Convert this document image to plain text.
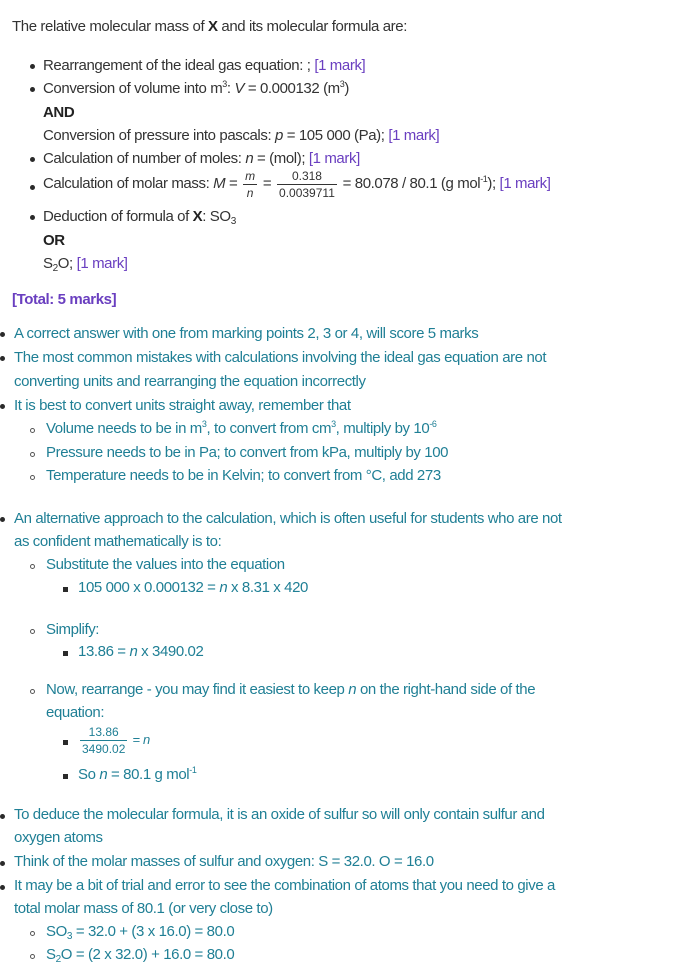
The relative molecular mass of X and its molecular formula are:
Rearrangement of the ideal gas equation: ; [1 mark]
Conversion of volume into $m^3$: V = 0.000132 $(m^3)$
AND
Conversion of pressure into pascals: p = 105 000 (Pa); [1 mark]
Calculation of number of moles: n = (mol); [1 mark]
Calculation of molar mass: $M = \frac{m}{n} = \frac{0.318}{0.0039711} = 80.078 / 80.1$ (g mol$^{-1}$); [1 mark]
Deduction of formula of X: $SO_3$
OR
$S_2O$; [1 mark]
[Total: 5 marks]
A correct answer with one from marking points 2, 3 or 4, will score 5 marks
The most common mistakes with calculations involving the ideal gas equation are not
converting units and rearranging the equation incorrectly
It is best to convert units straight away, remember that
Volume needs to be in $m^3$, to convert from $cm^3$, multiply by $10^{-6}$
Pressure needs to be in Pa; to convert from kPa, multiply by 100
Temperature needs to be in Kelvin; to convert from °C, add 273
An alternative approach to the calculation, which is often useful for students who are not
as confident mathematically is to:
Substitute the values into the equation
105 000 x 0.000132 = n x 8.31 x 420
Simplify:
13.86 = n x 3490.02
Now, rearrange - you may find it easiest to keep n on the right-hand side of the
equation:
$\frac{13.86}{3490.02} = n$
So n = 80.1 g mol$^{-1}$
To deduce the molecular formula, it is an oxide of sulfur so will only contain sulfur and
oxygen atoms
Think of the molar masses of sulfur and oxygen: S = 32.0. O = 16.0
It may be a bit of trial and error to see the combination of atoms that you need to give a
total molar mass of 80.1 (or very close to)
$SO_3 = 32.0 + (3$ x 16.0) = 80.0
$S_2O = (2$ x 32.0) + 16.0 = 80.0
